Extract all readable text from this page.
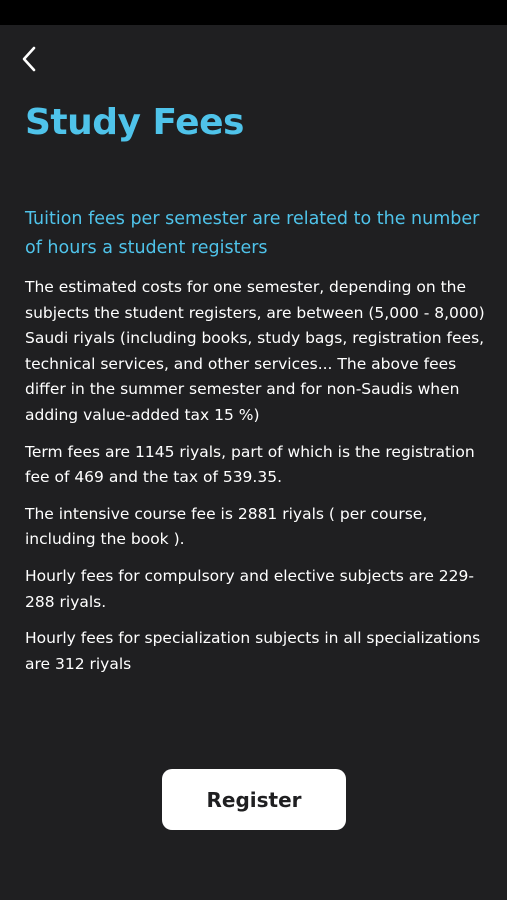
Study Fees
Tuition fees per semester are related to the number of hours a student registers

The estimated costs for one semester, depending on the subjects the student registers, are between (5,000 - 8,000) Saudi riyals (including books, study bags, registration fees, technical services, and other services... The above fees differ in the summer semester and for non-Saudis when adding value-added tax 15 %)

Term fees are 1145 riyals, part of which is the registration fee of 469 and the tax of 539.35.

The intensive course fee is 2881 riyals ( per course, including the book ).

Hourly fees for compulsory and elective subjects are 229-288 riyals.

Hourly fees for specialization subjects in all specializations are 312 riyals

Register
